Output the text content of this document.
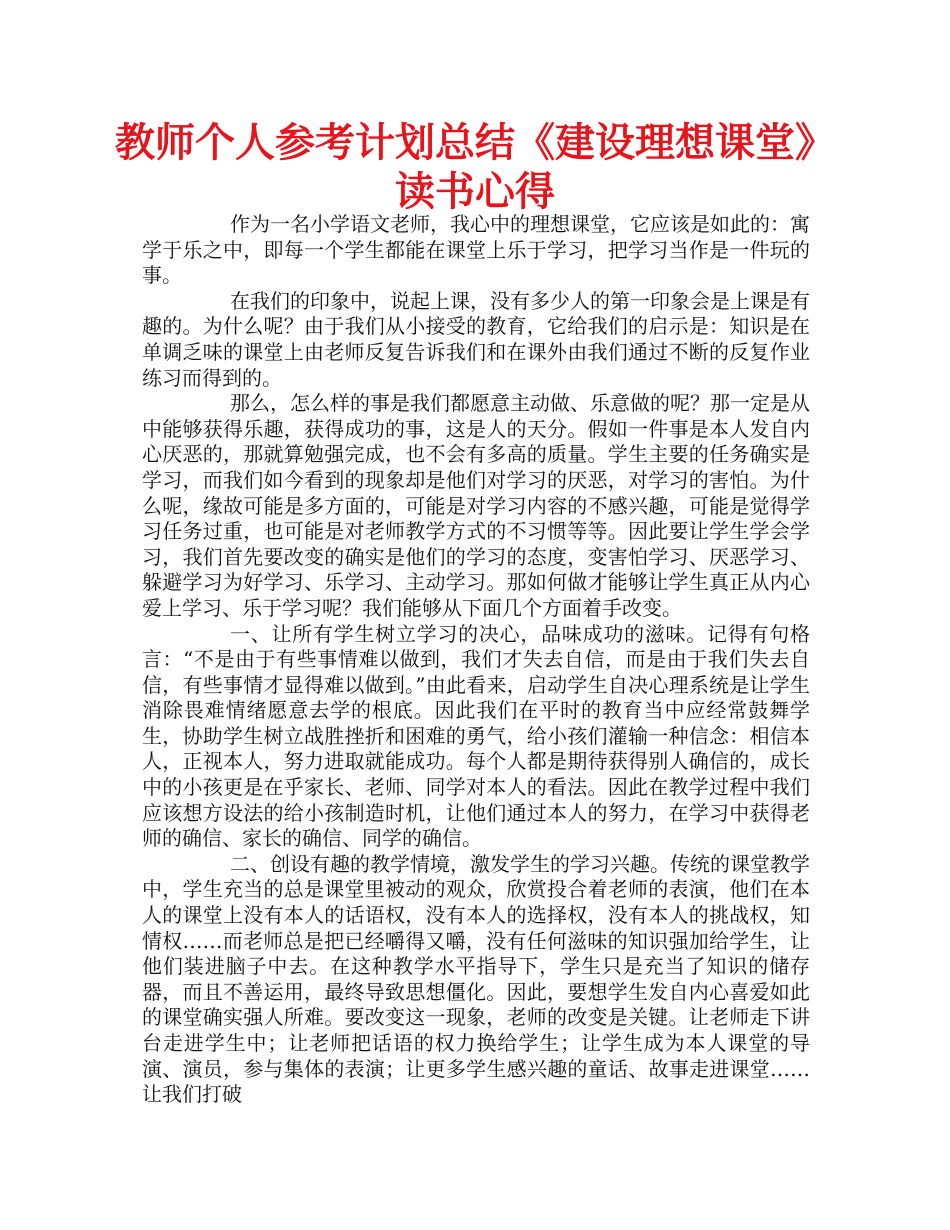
教师个人参考计划总结《建设理想课堂》读书心得

作为一名小学语文老师，我心中的理想课堂，它应该是如此的：寓学于乐之中，即每一个学生都能在课堂上乐于学习，把学习当作是一件玩的事。

在我们的印象中，说起上课，没有多少人的第一印象会是上课是有趣的。为什么呢？由于我们从小接受的教育，它给我们的启示是：知识是在单调乏味的课堂上由老师反复告诉我们和在课外由我们通过不断的反复作业练习而得到的。

那么，怎么样的事是我们都愿意主动做、乐意做的呢？那一定是从中能够获得乐趣，获得成功的事，这是人的天分。假如一件事是本人发自内心厌恶的，那就算勉强完成，也不会有多高的质量。学生主要的任务确实是学习，而我们如今看到的现象却是他们对学习的厌恶，对学习的害怕。为什么呢，缘故可能是多方面的，可能是对学习内容的不感兴趣，可能是觉得学习任务过重，也可能是对老师教学方式的不习惯等等。因此要让学生学会学习，我们首先要改变的确实是他们的学习的态度，变害怕学习、厌恶学习、躲避学习为好学习、乐学习、主动学习。那如何做才能够让学生真正从内心爱上学习、乐于学习呢？我们能够从下面几个方面着手改变。

一、让所有学生树立学习的决心，品味成功的滋味。记得有句格言：“不是由于有些事情难以做到，我们才失去自信，而是由于我们失去自信，有些事情才显得难以做到。”由此看来，启动学生自决心理系统是让学生消除畏难情绪愿意去学的根底。因此我们在平时的教育当中应经常鼓舞学生，协助学生树立战胜挫折和困难的勇气，给小孩们灌输一种信念：相信本人，正视本人，努力进取就能成功。每个人都是期待获得别人确信的，成长中的小孩更是在乎家长、老师、同学对本人的看法。因此在教学过程中我们应该想方设法的给小孩制造时机，让他们通过本人的努力，在学习中获得老师的确信、家长的确信、同学的确信。

二、创设有趣的教学情境，激发学生的学习兴趣。传统的课堂教学中，学生充当的总是课堂里被动的观众，欣赏投合着老师的表演，他们在本人的课堂上没有本人的话语权，没有本人的选择权，没有本人的挑战权，知情权……而老师总是把已经嚼得又嚼，没有任何滋味的知识强加给学生，让他们装进脑子中去。在这种教学水平指导下，学生只是充当了知识的储存器，而且不善运用，最终导致思想僵化。因此，要想学生发自内心喜爱如此的课堂确实强人所难。要改变这一现象，老师的改变是关键。让老师走下讲台走进学生中；让老师把话语的权力换给学生；让学生成为本人课堂的导演、演员，参与集体的表演；让更多学生感兴趣的童话、故事走进课堂……让我们打破
